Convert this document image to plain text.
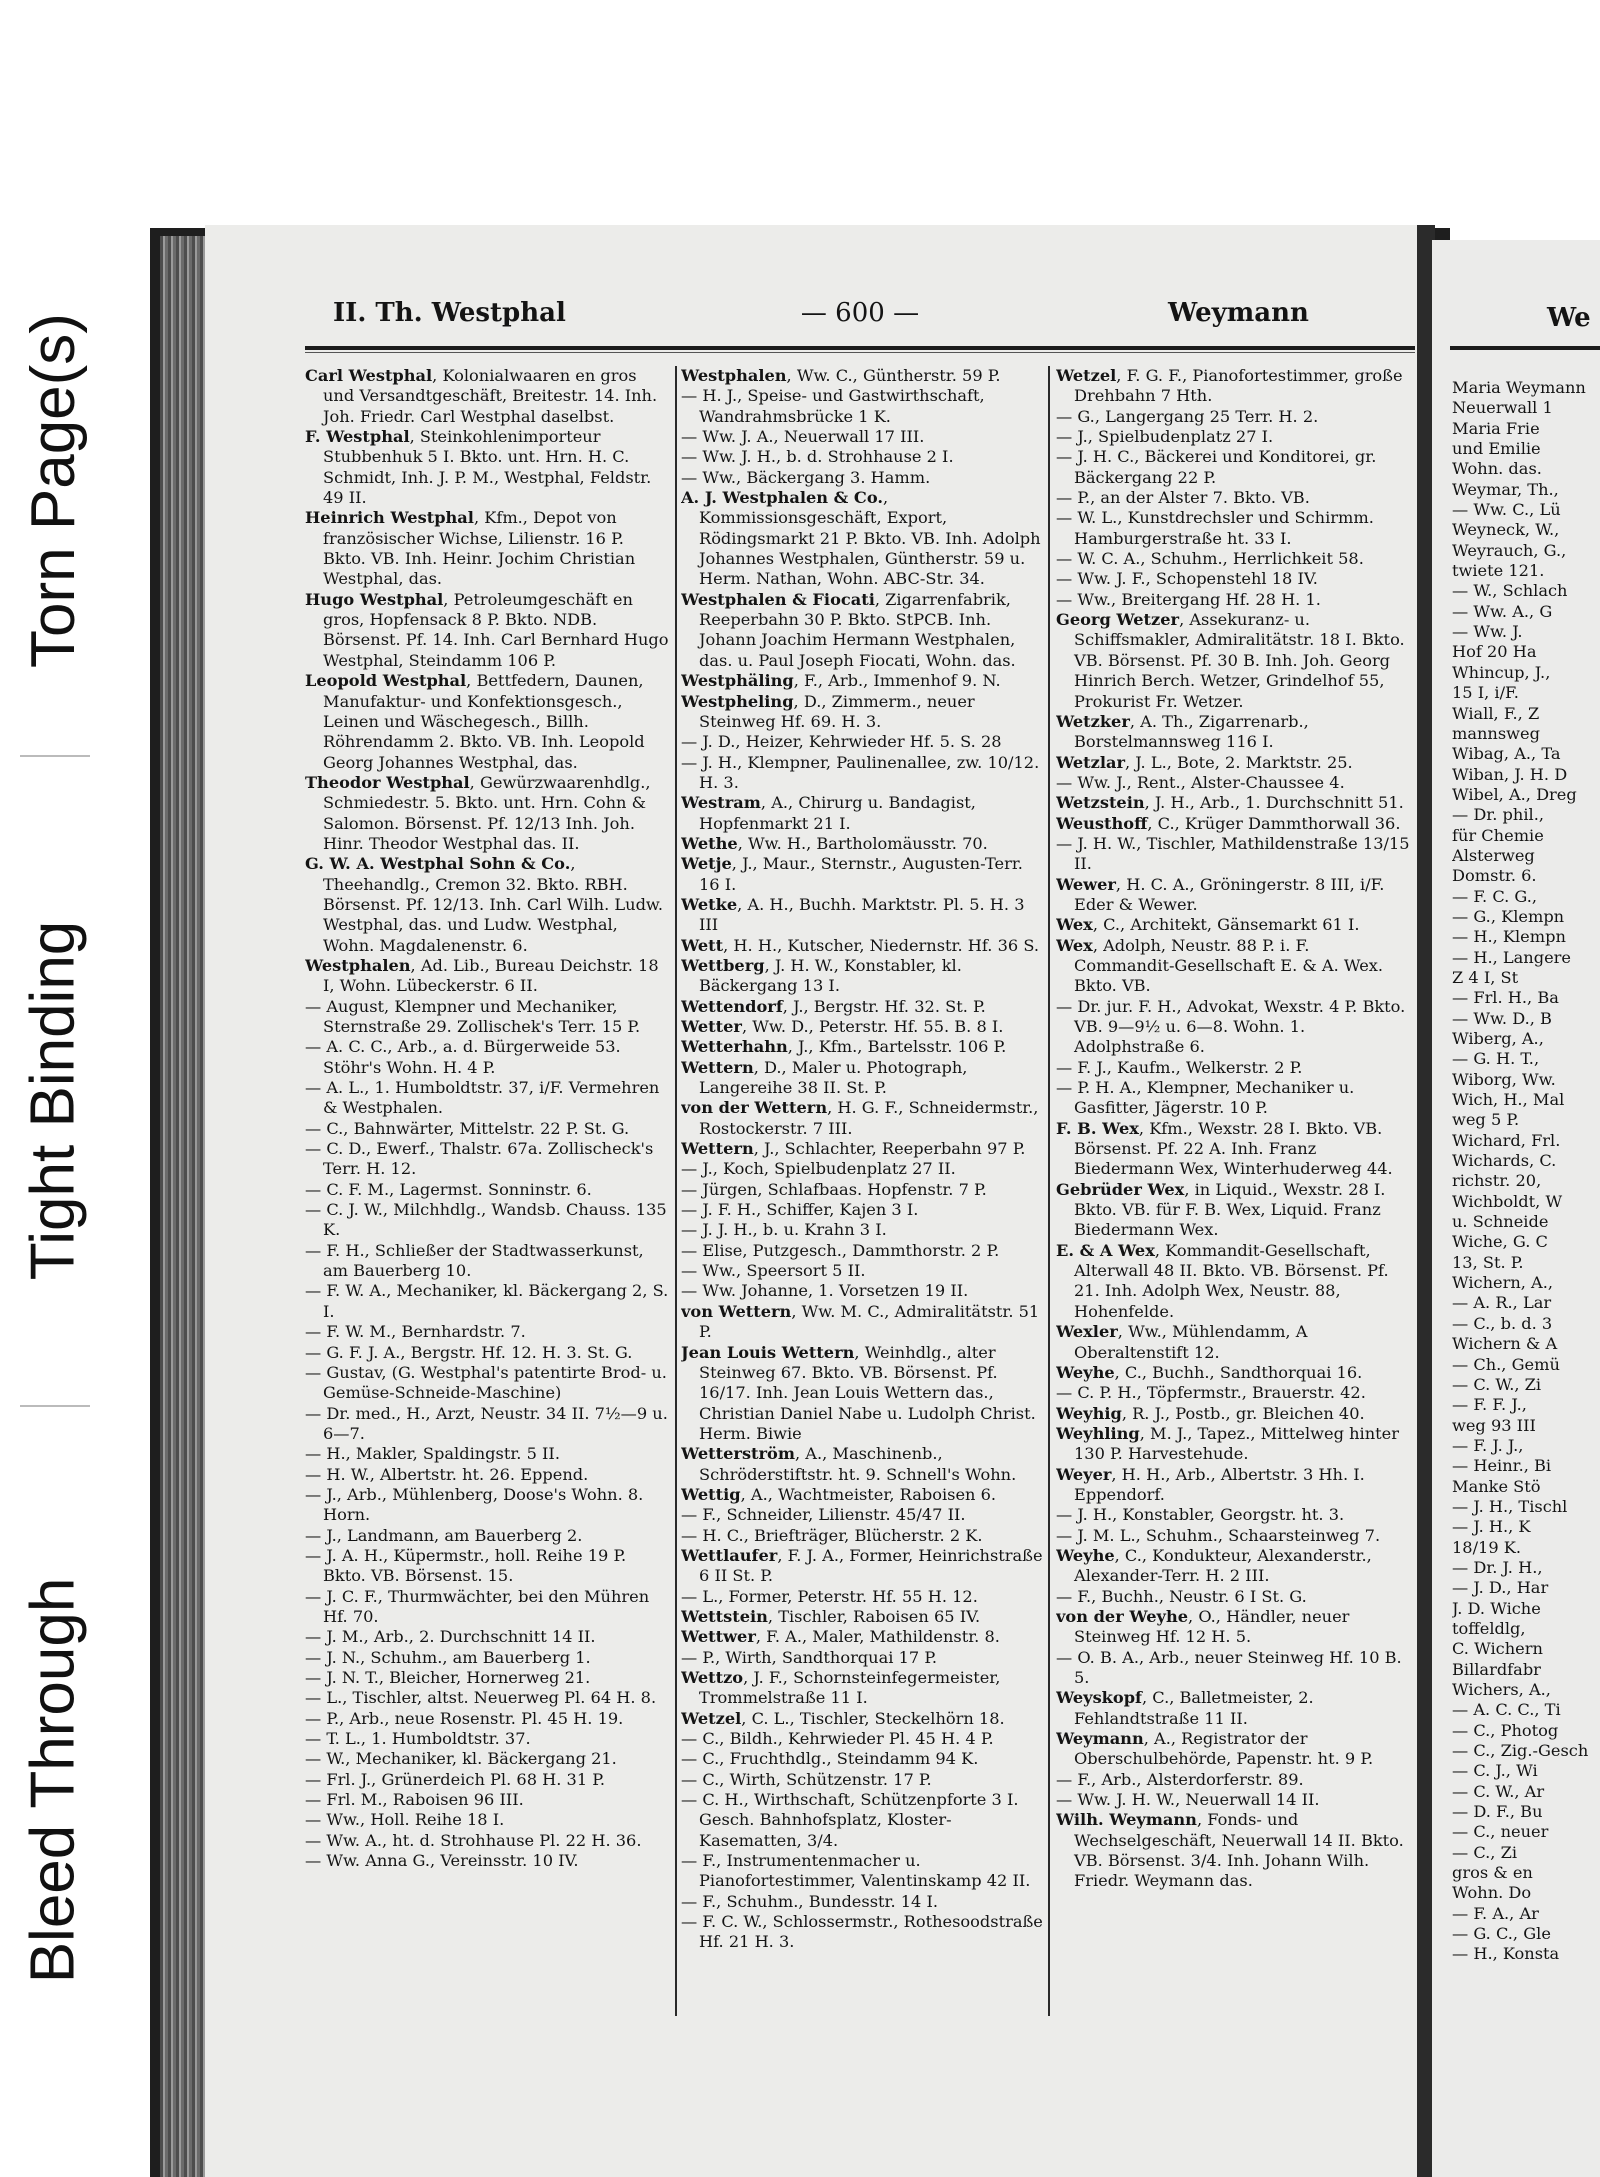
Torn Page(s)
Tight Binding
Bleed Through
II. Th. Westphal	— 600 —	Weymann

Carl Westphal, Kolonialwaaren en gros und Versandtgeschäft, Breitestr. 14. Inh. Joh. Friedr. Carl Westphal daselbst.

F. Westphal, Steinkohlenimporteur Stubbenhuk 5 I. Bkto. unt. Hrn. H. C. Schmidt, Inh. J. P. M., Westphal, Feldstr. 49 II.

Heinrich Westphal, Kfm., Depot von französischer Wichse, Lilienstr. 16 P. Bkto. VB. Inh. Heinr. Jochim Christian Westphal, das.

Hugo Westphal, Petroleumgeschäft en gros, Hopfensack 8 P. Bkto. NDB. Börsenst. Pf. 14. Inh. Carl Bernhard Hugo Westphal, Steindamm 106 P.

Leopold Westphal, Bettfedern, Daunen, Manufaktur- und Konfektionsgesch., Leinen und Wäschegesch., Billh. Röhrendamm 2. Bkto. VB. Inh. Leopold Georg Johannes Westphal, das.

Theodor Westphal, Gewürzwaarenhdlg., Schmiedestr. 5. Bkto. unt. Hrn. Cohn & Salomon. Börsenst. Pf. 12/13 Inh. Joh. Hinr. Theodor Westphal das. II.

G. W. A. Westphal Sohn & Co., Theehandlg., Cremon 32. Bkto. RBH. Börsenst. Pf. 12/13. Inh. Carl Wilh. Ludw. Westphal, das. und Ludw. Westphal, Wohn. Magdalenenstr. 6.

Westphalen, Ad. Lib., Bureau Deichstr. 18 I, Wohn. Lübeckerstr. 6 II.

— August, Klempner und Mechaniker, Sternstraße 29. Zollischek's Terr. 15 P.

— A. C. C., Arb., a. d. Bürgerweide 53. Stöhr's Wohn. H. 4 P.

— A. L., 1. Humboldtstr. 37, i/F. Vermehren & Westphalen.

— C., Bahnwärter, Mittelstr. 22 P. St. G.

— C. D., Ewerf., Thalstr. 67a. Zollischeck's Terr. H. 12.

— C. F. M., Lagermst. Sonninstr. 6.

— C. J. W., Milchhdlg., Wandsb. Chauss. 135 K.

— F. H., Schließer der Stadtwasserkunst, am Bauerberg 10.

— F. W. A., Mechaniker, kl. Bäckergang 2, S. I.

— F. W. M., Bernhardstr. 7.

— G. F. J. A., Bergstr. Hf. 12. H. 3. St. G.

— Gustav, (G. Westphal's patentirte Brod- u. Gemüse-Schneide-Maschine)

— Dr. med., H., Arzt, Neustr. 34 II. 7½—9 u. 6—7.

— H., Makler, Spaldingstr. 5 II.

— H. W., Albertstr. ht. 26. Eppend.

— J., Arb., Mühlenberg, Doose's Wohn. 8. Horn.

— J., Landmann, am Bauerberg 2.

— J. A. H., Küpermstr., holl. Reihe 19 P. Bkto. VB. Börsenst. 15.

— J. C. F., Thurmwächter, bei den Mühren Hf. 70.

— J. M., Arb., 2. Durchschnitt 14 II.

— J. N., Schuhm., am Bauerberg 1.

— J. N. T., Bleicher, Hornerweg 21.

— L., Tischler, altst. Neuerweg Pl. 64 H. 8.

— P., Arb., neue Rosenstr. Pl. 45 H. 19.

— T. L., 1. Humboldtstr. 37.

— W., Mechaniker, kl. Bäckergang 21.

— Frl. J., Grünerdeich Pl. 68 H. 31 P.

— Frl. M., Raboisen 96 III.

— Ww., Holl. Reihe 18 I.

— Ww. A., ht. d. Strohhause Pl. 22 H. 36.

— Ww. Anna G., Vereinsstr. 10 IV.

Westphalen, Ww. C., Güntherstr. 59 P.

— H. J., Speise- und Gastwirthschaft, Wandrahmsbrücke 1 K.

— Ww. J. A., Neuerwall 17 III.

— Ww. J. H., b. d. Strohhause 2 I.

— Ww., Bäckergang 3. Hamm.

A. J. Westphalen & Co., Kommissionsgeschäft, Export, Rödingsmarkt 21 P. Bkto. VB. Inh. Adolph Johannes Westphalen, Güntherstr. 59 u. Herm. Nathan, Wohn. ABC-Str. 34.

Westphalen & Fiocati, Zigarrenfabrik, Reeperbahn 30 P. Bkto. StPCB. Inh. Johann Joachim Hermann Westphalen, das. u. Paul Joseph Fiocati, Wohn. das.

Westphäling, F., Arb., Immenhof 9. N.

Westpheling, D., Zimmerm., neuer Steinweg Hf. 69. H. 3.

— J. D., Heizer, Kehrwieder Hf. 5. S. 28

— J. H., Klempner, Paulinenallee, zw. 10/12. H. 3.

Westram, A., Chirurg u. Bandagist, Hopfenmarkt 21 I.

Wethe, Ww. H., Bartholomäusstr. 70.

Wetje, J., Maur., Sternstr., Augusten-Terr. 16 I.

Wetke, A. H., Buchh. Marktstr. Pl. 5. H. 3 III

Wett, H. H., Kutscher, Niedernstr. Hf. 36 S.

Wettberg, J. H. W., Konstabler, kl. Bäckergang 13 I.

Wettendorf, J., Bergstr. Hf. 32. St. P.

Wetter, Ww. D., Peterstr. Hf. 55. B. 8 I.

Wetterhahn, J., Kfm., Bartelsstr. 106 P.

Wettern, D., Maler u. Photograph, Langereihe 38 II. St. P.

von der Wettern, H. G. F., Schneidermstr., Rostockerstr. 7 III.

Wettern, J., Schlachter, Reeperbahn 97 P.

— J., Koch, Spielbudenplatz 27 II.

— Jürgen, Schlafbaas. Hopfenstr. 7 P.

— J. F. H., Schiffer, Kajen 3 I.

— J. J. H., b. u. Krahn 3 I.

— Elise, Putzgesch., Dammthorstr. 2 P.

— Ww., Speersort 5 II.

— Ww. Johanne, 1. Vorsetzen 19 II.

von Wettern, Ww. M. C., Admiralitätstr. 51 P.

Jean Louis Wettern, Weinhdlg., alter Steinweg 67. Bkto. VB. Börsenst. Pf. 16/17. Inh. Jean Louis Wettern das., Christian Daniel Nabe u. Ludolph Christ. Herm. Biwie

Wetterström, A., Maschinenb., Schröderstiftstr. ht. 9. Schnell's Wohn.

Wettig, A., Wachtmeister, Raboisen 6.

— F., Schneider, Lilienstr. 45/47 II.

— H. C., Briefträger, Blücherstr. 2 K.

Wettlaufer, F. J. A., Former, Heinrichstraße 6 II St. P.

— L., Former, Peterstr. Hf. 55 H. 12.

Wettstein, Tischler, Raboisen 65 IV.

Wettwer, F. A., Maler, Mathildenstr. 8.

— P., Wirth, Sandthorquai 17 P.

Wettzo, J. F., Schornsteinfegermeister, Trommelstraße 11 I.

Wetzel, C. L., Tischler, Steckelhörn 18.

— C., Bildh., Kehrwieder Pl. 45 H. 4 P.

— C., Fruchthdlg., Steindamm 94 K.

— C., Wirth, Schützenstr. 17 P.

— C. H., Wirthschaft, Schützenpforte 3 I. Gesch. Bahnhofsplatz, Kloster-Kasematten, 3/4.

— F., Instrumentenmacher u. Pianofortestimmer, Valentinskamp 42 II.

— F., Schuhm., Bundesstr. 14 I.

— F. C. W., Schlossermstr., Rothesoodstraße Hf. 21 H. 3.

Wetzel, F. G. F., Pianofortestimmer, große Drehbahn 7 Hth.

— G., Langergang 25 Terr. H. 2.

— J., Spielbudenplatz 27 I.

— J. H. C., Bäckerei und Konditorei, gr. Bäckergang 22 P.

— P., an der Alster 7. Bkto. VB.

— W. L., Kunstdrechsler und Schirmm. Hamburgerstraße ht. 33 I.

— W. C. A., Schuhm., Herrlichkeit 58.

— Ww. J. F., Schopenstehl 18 IV.

— Ww., Breitergang Hf. 28 H. 1.

Georg Wetzer, Assekuranz- u. Schiffsmakler, Admiralitätstr. 18 I. Bkto. VB. Börsenst. Pf. 30 B. Inh. Joh. Georg Hinrich Berch. Wetzer, Grindelhof 55, Prokurist Fr. Wetzer.

Wetzker, A. Th., Zigarrenarb., Borstelmannsweg 116 I.

Wetzlar, J. L., Bote, 2. Marktstr. 25.

— Ww. J., Rent., Alster-Chaussee 4.

Wetzstein, J. H., Arb., 1. Durchschnitt 51.

Weusthoff, C., Krüger Dammthorwall 36.

— J. H. W., Tischler, Mathildenstraße 13/15 II.

Wewer, H. C. A., Gröningerstr. 8 III, i/F. Eder & Wewer.

Wex, C., Architekt, Gänsemarkt 61 I.

Wex, Adolph, Neustr. 88 P. i. F. Commandit-Gesellschaft E. & A. Wex. Bkto. VB.

— Dr. jur. F. H., Advokat, Wexstr. 4 P. Bkto. VB. 9—9½ u. 6—8. Wohn. 1. Adolphstraße 6.

— F. J., Kaufm., Welkerstr. 2 P.

— P. H. A., Klempner, Mechaniker u. Gasfitter, Jägerstr. 10 P.

F. B. Wex, Kfm., Wexstr. 28 I. Bkto. VB. Börsenst. Pf. 22 A. Inh. Franz Biedermann Wex, Winterhuderweg 44.

Gebrüder Wex, in Liquid., Wexstr. 28 I. Bkto. VB. für F. B. Wex, Liquid. Franz Biedermann Wex.

E. & A Wex, Kommandit-Gesellschaft, Alterwall 48 II. Bkto. VB. Börsenst. Pf. 21. Inh. Adolph Wex, Neustr. 88, Hohenfelde.

Wexler, Ww., Mühlendamm, A Oberaltenstift 12.

Weyhe, C., Buchh., Sandthorquai 16.

— C. P. H., Töpfermstr., Brauerstr. 42.

Weyhig, R. J., Postb., gr. Bleichen 40.

Weyhling, M. J., Tapez., Mittelweg hinter 130 P. Harvestehude.

Weyer, H. H., Arb., Albertstr. 3 Hh. I. Eppendorf.

— J. H., Konstabler, Georgstr. ht. 3.

— J. M. L., Schuhm., Schaarsteinweg 7.

Weyhe, C., Kondukteur, Alexanderstr., Alexander-Terr. H. 2 III.

— F., Buchh., Neustr. 6 I St. G.

von der Weyhe, O., Händler, neuer Steinweg Hf. 12 H. 5.

— O. B. A., Arb., neuer Steinweg Hf. 10 B. 5.

Weyskopf, C., Balletmeister, 2. Fehlandtstraße 11 II.

Weymann, A., Registrator der Oberschulbehörde, Papenstr. ht. 9 P.

— F., Arb., Alsterdorferstr. 89.

— Ww. J. H. W., Neuerwall 14 II.

Wilh. Weymann, Fonds- und Wechselgeschäft, Neuerwall 14 II. Bkto. VB. Börsenst. 3/4. Inh. Johann Wilh. Friedr. Weymann das.

We
Maria Weymann
Neuerwall 1
Maria Frie
und Emilie
Wohn. das.
Weymar, Th.,
— Ww. C., Lü
Weyneck, W.,
Weyrauch, G.,
twiete 121.
— W., Schlach
— Ww. A., G
— Ww. J.
Hof 20 Ha
Whincup, J.,
15 I, i/F.
Wiall, F., Z
mannsweg
Wibag, A., Ta
Wiban, J. H. D
Wibel, A., Dreg
— Dr. phil.,
für Chemie
Alsterweg
Domstr. 6.
— F. C. G.,
— G., Klempn
— H., Klempn
— H., Langere
Z 4 I, St
— Frl. H., Ba
— Ww. D., B
Wiberg, A.,
— G. H. T.,
Wiborg, Ww.
Wich, H., Mal
weg 5 P.
Wichard, Frl.
Wichards, C.
richstr. 20,
Wichboldt, W
u. Schneide
Wiche, G. C
13, St. P.
Wichern, A.,
— A. R., Lar
— C., b. d. 3
Wichern & A
— Ch., Gemü
— C. W., Zi
— F. F. J.,
weg 93 III
— F. J. J.,
— Heinr., Bi
Manke Stö
— J. H., Tischl
— J. H., K
18/19 K.
— Dr. J. H.,
— J. D., Har
J. D. Wiche
toffeldlg,
C. Wichern
Billardfabr
Wichers, A.,
— A. C. C., Ti
— C., Photog
— C., Zig.-Gesch
— C. J., Wi
— C. W., Ar
— D. F., Bu
— C., neuer
— C., Zi
gros & en
Wohn. Do
— F. A., Ar
— G. C., Gle
— H., Konsta
